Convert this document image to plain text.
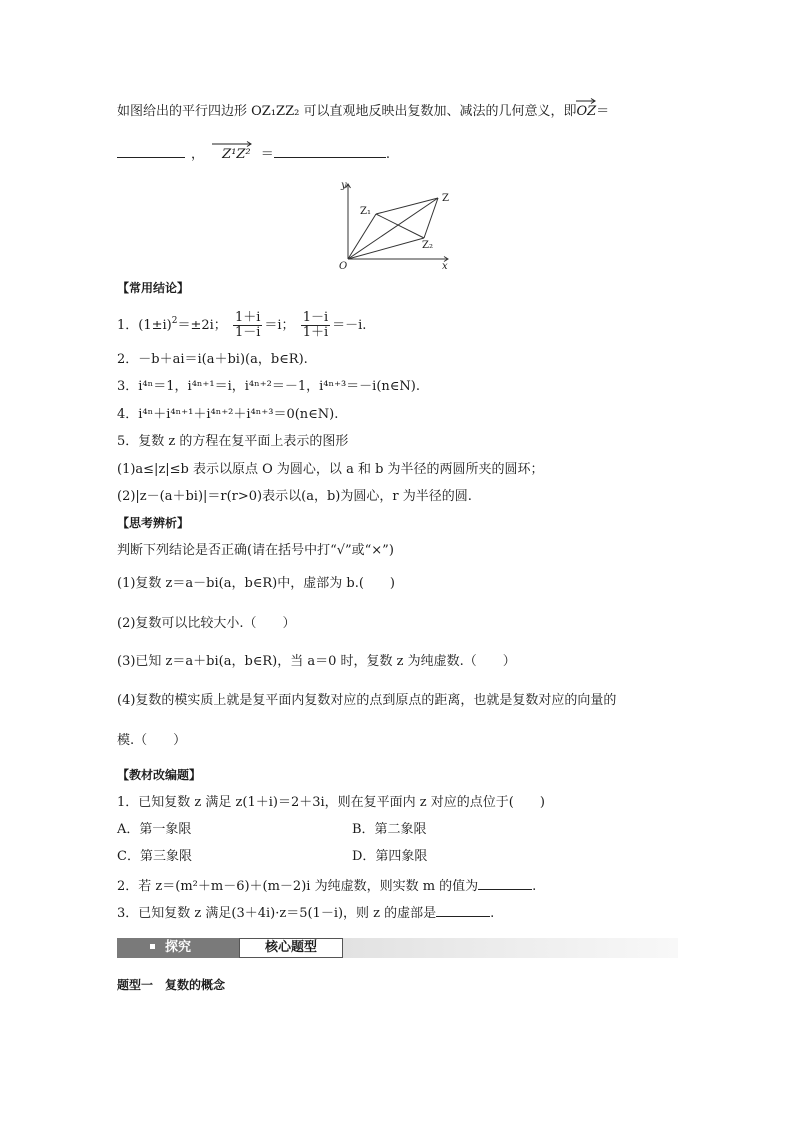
如图给出的平行四边形 OZ₁ZZ₂ 可以直观地反映出复数加、减法的几何意义，即
OZ＝
， Z¹Z² ＝	.
y
x
O
Z
Z₁
Z₂
【常用结论】
1．$(1\pm i)^2=\pm 2i$； $\frac{1+i}{1-i} =i$； $\frac{1-i}{1+i} =-i$.
2．－b＋ai＝i(a＋bi)(a，b∈R).
3．i⁴ⁿ＝1，i⁴ⁿ⁺¹＝i，i⁴ⁿ⁺²＝－1，i⁴ⁿ⁺³＝－i(n∈N).
4．i⁴ⁿ＋i⁴ⁿ⁺¹＋i⁴ⁿ⁺²＋i⁴ⁿ⁺³＝0(n∈N).
5．复数 z 的方程在复平面上表示的图形
(1)a≤|z|≤b 表示以原点 O 为圆心，以 a 和 b 为半径的两圆所夹的圆环；
(2)|z－(a＋bi)|＝r(r>0)表示以(a，b)为圆心，r 为半径的圆.
【思考辨析】
判断下列结论是否正确(请在括号中打“√”或“×”)
(1)复数 z＝a－bi(a，b∈R)中，虚部为 b.(　　)
(2)复数可以比较大小.（　　）
(3)已知 z＝a＋bi(a，b∈R)，当 a＝0 时，复数 z 为纯虚数.（　　）
(4)复数的模实质上就是复平面内复数对应的点到原点的距离，也就是复数对应的向量的
模.（　　）
【教材改编题】
1．已知复数 z 满足 z(1＋i)＝2＋3i，则在复平面内 z 对应的点位于(　　)
A．第一象限	B．第二象限
C．第三象限	D．第四象限
2．若 z＝(m²＋m－6)＋(m－2)i 为纯虚数，则实数 m 的值为	.
3．已知复数 z 满足(3＋4i)·z＝5(1－i)，则 z 的虚部是	.
探究	核心题型
题型一　复数的概念
